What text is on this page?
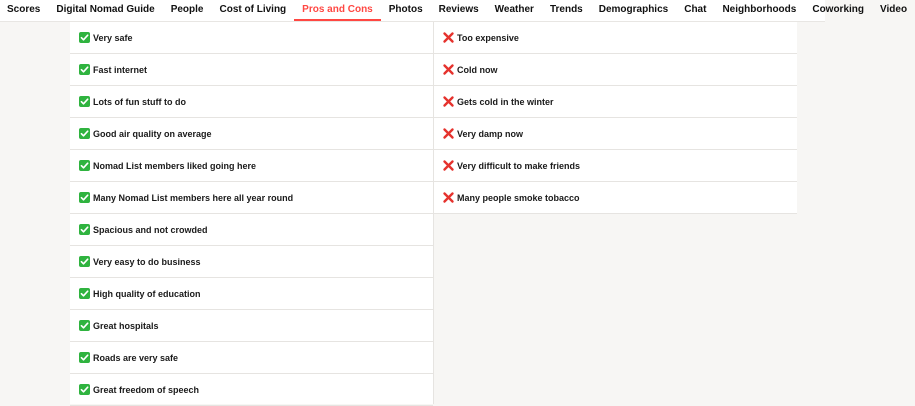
Scores	Digital Nomad Guide	People	Cost of Living	Pros and Cons	Photos	Reviews	Weather	Trends	Demographics	Chat	Neighborhoods	Coworking	Video
Very safe
Fast internet
Lots of fun stuff to do
Good air quality on average
Nomad List members liked going here
Many Nomad List members here all year round
Spacious and not crowded
Very easy to do business
High quality of education
Great hospitals
Roads are very safe
Great freedom of speech
Too expensive
Cold now
Gets cold in the winter
Very damp now
Very difficult to make friends
Many people smoke tobacco
